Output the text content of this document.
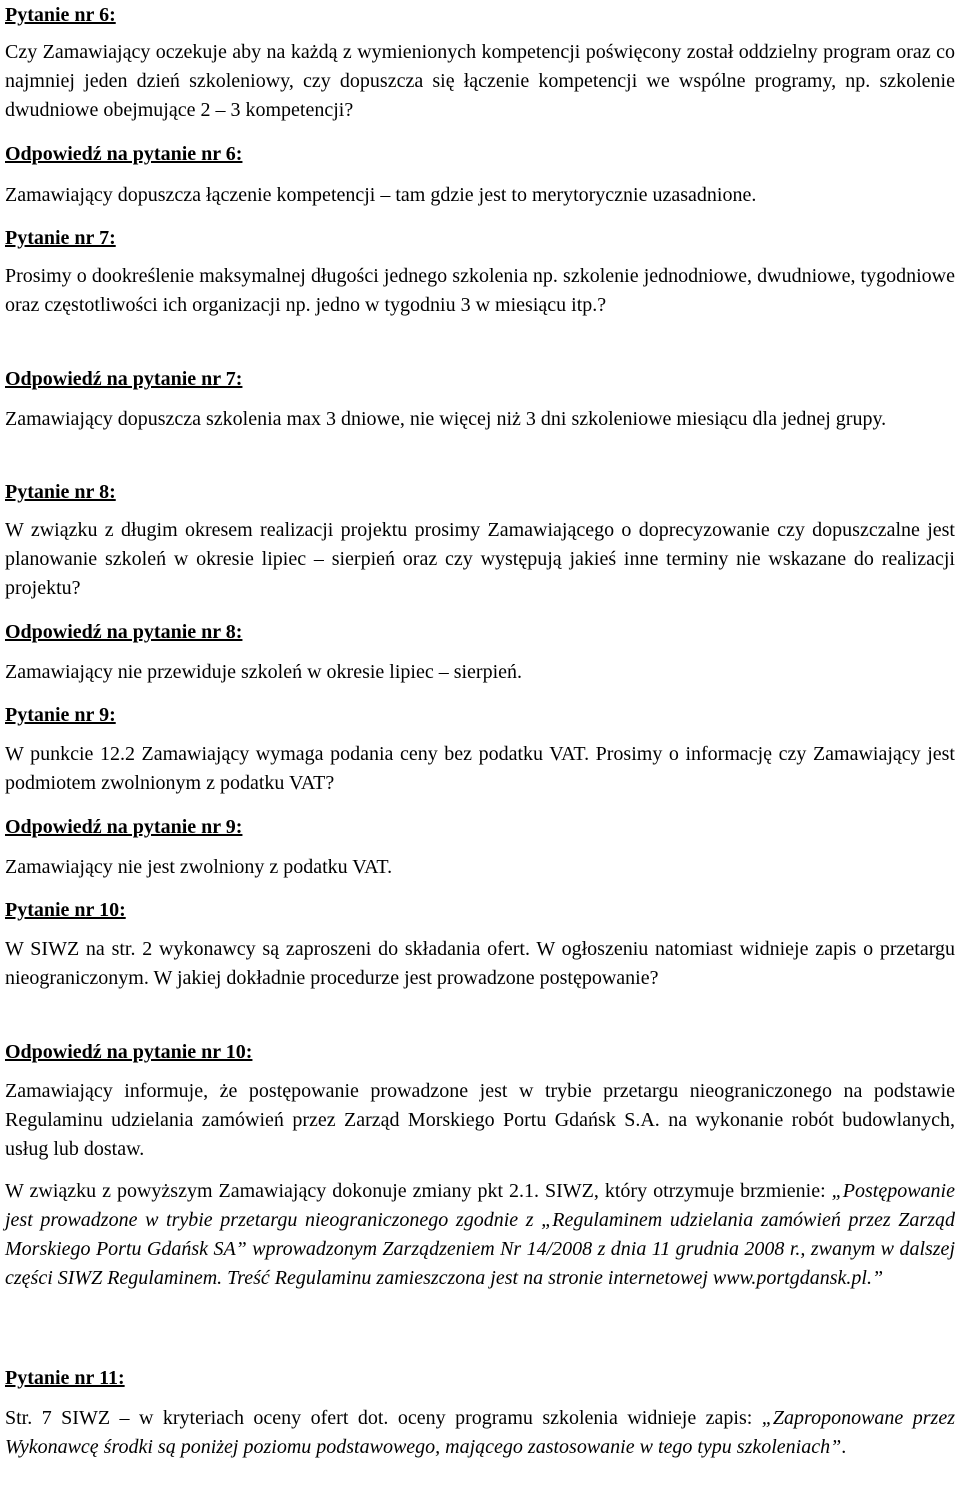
Pytanie nr 6:

Czy Zamawiający oczekuje aby na każdą z wymienionych kompetencji poświęcony został oddzielny program oraz co najmniej jeden dzień szkoleniowy, czy dopuszcza się łączenie kompetencji we wspólne programy, np. szkolenie dwudniowe obejmujące 2 – 3 kompetencji?

Odpowiedź na pytanie nr 6:

Zamawiający dopuszcza łączenie kompetencji – tam gdzie jest to merytorycznie uzasadnione.

Pytanie nr 7:

Prosimy o dookreślenie maksymalnej długości jednego szkolenia np. szkolenie jednodniowe, dwudniowe, tygodniowe oraz częstotliwości ich organizacji np. jedno w tygodniu 3 w miesiącu itp.?

Odpowiedź na pytanie nr 7:

Zamawiający dopuszcza szkolenia max 3 dniowe, nie więcej niż 3 dni szkoleniowe miesiącu dla jednej grupy.

Pytanie nr 8:

W związku z długim okresem realizacji projektu prosimy Zamawiającego o doprecyzowanie czy dopuszczalne jest planowanie szkoleń w okresie lipiec – sierpień oraz czy występują jakieś inne terminy nie wskazane do realizacji projektu?

Odpowiedź na pytanie nr 8:

Zamawiający nie przewiduje szkoleń w okresie lipiec – sierpień.

Pytanie nr 9:

W punkcie 12.2 Zamawiający wymaga podania ceny bez podatku VAT. Prosimy o informację czy Zamawiający jest podmiotem zwolnionym z podatku VAT?

Odpowiedź na pytanie nr 9:

Zamawiający nie jest zwolniony z podatku VAT.

Pytanie nr 10:

W SIWZ na str. 2 wykonawcy są zaproszeni do składania ofert. W ogłoszeniu natomiast widnieje zapis o przetargu nieograniczonym. W jakiej dokładnie procedurze jest prowadzone postępowanie?

Odpowiedź na pytanie nr 10:

Zamawiający informuje, że postępowanie prowadzone jest w trybie przetargu nieograniczonego na podstawie Regulaminu udzielania zamówień przez Zarząd Morskiego Portu Gdańsk S.A. na wykonanie robót budowlanych, usług lub dostaw.

W związku z powyższym Zamawiający dokonuje zmiany pkt 2.1. SIWZ, który otrzymuje brzmienie: „Postępowanie jest prowadzone w trybie przetargu nieograniczonego zgodnie z „Regulaminem udzielania zamówień przez Zarząd Morskiego Portu Gdańsk SA” wprowadzonym Zarządzeniem Nr 14/2008 z dnia 11 grudnia 2008 r., zwanym w dalszej części SIWZ Regulaminem. Treść Regulaminu zamieszczona jest na stronie internetowej www.portgdansk.pl.”

Pytanie nr 11:

Str. 7 SIWZ – w kryteriach oceny ofert dot. oceny programu szkolenia widnieje zapis: „Zaproponowane przez Wykonawcę środki są poniżej poziomu podstawowego, mającego zastosowanie w tego typu szkoleniach”.
